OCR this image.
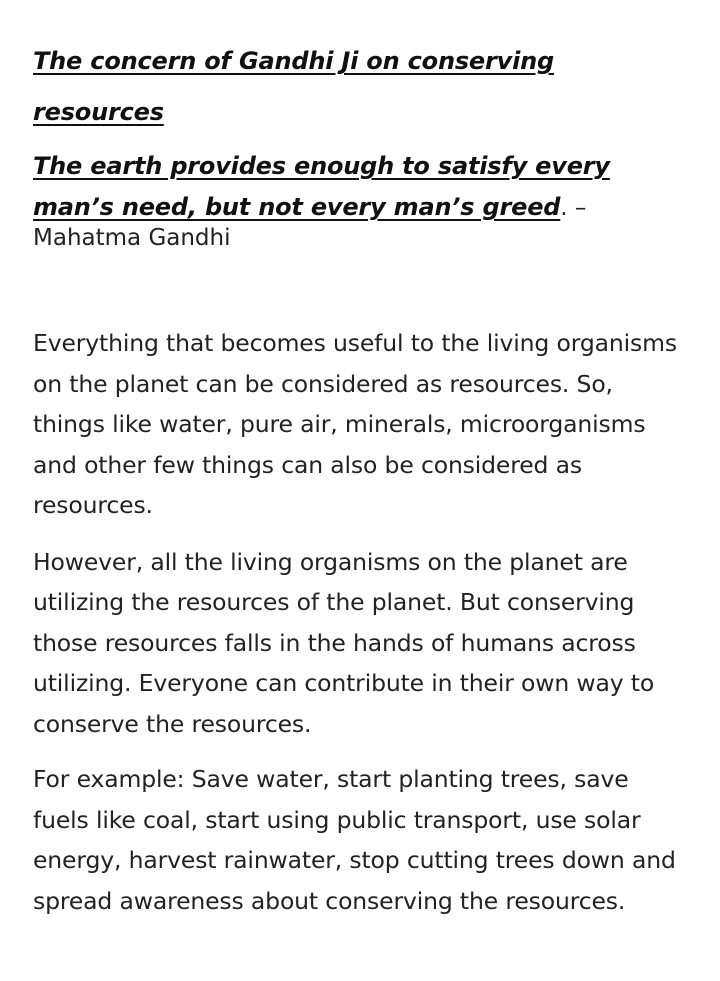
The concern of Gandhi Ji on conserving resources

The earth provides enough to satisfy every man’s need, but not every man’s greed. –
Mahatma Gandhi

Everything that becomes useful to the living organisms on the planet can be considered as resources. So, things like water, pure air, minerals, microorganisms and other few things can also be considered as resources.

However, all the living organisms on the planet are utilizing the resources of the planet. But conserving those resources falls in the hands of humans across utilizing. Everyone can contribute in their own way to conserve the resources.

For example: Save water, start planting trees, save fuels like coal, start using public transport, use solar energy, harvest rainwater, stop cutting trees down and spread awareness about conserving the resources.
